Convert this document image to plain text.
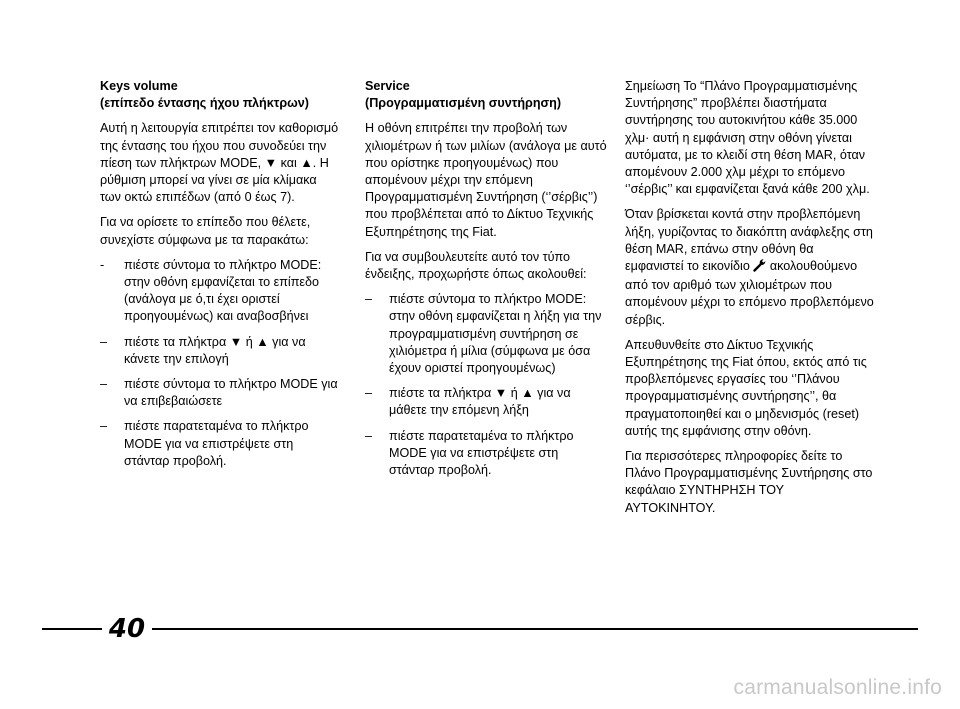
Keys volume

(επίπεδο έντασης ήχου πλήκτρων)

Αυτή η λειτουργία επιτρέπει τον καθορισμό της έντασης του ήχου που συνοδεύει την πίεση των πλήκτρων MODE, ▼ και ▲. Η ρύθμιση μπορεί να γίνει σε μία κλίμακα των οκτώ επιπέδων (από 0 έως 7).

Για να ορίσετε το επίπεδο που θέλετε, συνεχίστε σύμφωνα με τα παρακάτω:

-	πιέστε σύντομα το πλήκτρο MODE: στην οθόνη εμφανίζεται το επίπεδο (ανάλογα με ό,τι έχει οριστεί προηγουμένως) και αναβοσβήνει
–	πιέστε τα πλήκτρα ▼ ή ▲ για να κάνετε την επιλογή
–	πιέστε σύντομα το πλήκτρο MODE για να επιβεβαιώσετε
–	πιέστε παρατεταμένα το πλήκτρο MODE για να επιστρέψετε στη στάνταρ προβολή.
Service

(Προγραμματισμένη συντήρηση)

Η οθόνη επιτρέπει την προβολή των χιλιομέτρων ή των μιλίων (ανάλογα με αυτό που ορίστηκε προηγουμένως) που απομένουν μέχρι την επόμενη Προγραμματισμένη Συντήρηση (‘’σέρβις’’) που προβλέπεται από το Δίκτυο Τεχνικής Εξυπηρέτησης της Fiat.

Για να συμβουλευτείτε αυτό τον τύπο ένδειξης, προχωρήστε όπως ακολουθεί:

–	πιέστε σύντομα το πλήκτρο MODE: στην οθόνη εμφανίζεται η λήξη για την προγραμματισμένη συντήρηση σε χιλιόμετρα ή μίλια (σύμφωνα με όσα έχουν οριστεί προηγουμένως)
–	πιέστε τα πλήκτρα ▼ ή ▲ για να μάθετε την επόμενη λήξη
–	πιέστε παρατεταμένα το πλήκτρο MODE για να επιστρέψετε στη στάνταρ προβολή.

Σημείωση Το “Πλάνο Προγραμματισμένης Συντήρησης” προβλέπει διαστήματα συντήρησης του αυτοκινήτου κάθε 35.000 χλμ· αυτή η εμφάνιση στην οθόνη γίνεται αυτόματα, με το κλειδί στη θέση MAR, όταν απομένουν 2.000 χλμ μέχρι το επόμενο ‘’σέρβις’’ και εμφανίζεται ξανά κάθε 200 χλμ.

Όταν βρίσκεται κοντά στην προβλεπόμενη λήξη, γυρίζοντας το διακόπτη ανάφλεξης στη θέση MAR, επάνω στην οθόνη θα εμφανιστεί το εικονίδιο ακολουθούμενο από τον αριθμό των χιλιομέτρων που απομένουν μέχρι το επόμενο προβλεπόμενο σέρβις.

Απευθυνθείτε στο Δίκτυο Τεχνικής Εξυπηρέτησης της Fiat όπου, εκτός από τις προβλεπόμενες εργασίες του ‘’Πλάνου προγραμματισμένης συντήρησης’’, θα πραγματοποιηθεί και ο μηδενισμός (reset) αυτής της εμφάνισης στην οθόνη.

Για περισσότερες πληροφορίες δείτε το Πλάνο Προγραμματισμένης Συντήρησης στο κεφάλαιο ΣΥΝΤΗΡΗΣΗ ΤΟΥ ΑΥΤΟΚΙΝΗΤΟΥ.

40
carmanualsonline.info
